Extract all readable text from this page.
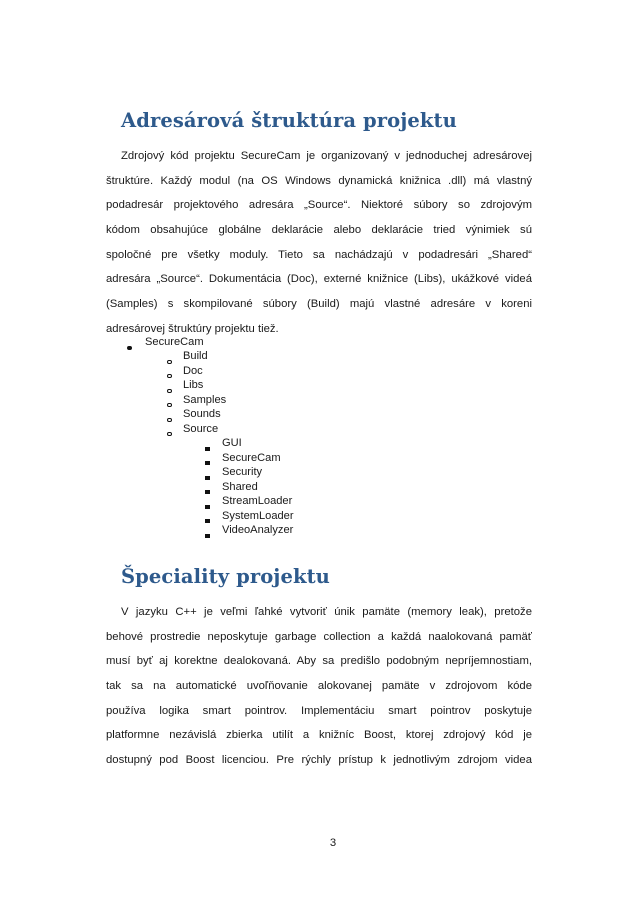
Adresárová štruktúra projektu
Zdrojový kód projektu SecureCam je organizovaný v jednoduchej adresárovej
štruktúre. Každý modul (na OS Windows dynamická knižnica .dll) má vlastný
podadresár projektového adresára „Source“. Niektoré súbory so zdrojovým
kódom obsahujúce globálne deklarácie alebo deklarácie tried výnimiek sú
spoločné pre všetky moduly. Tieto sa nachádzajú v podadresári „Shared“
adresára „Source“. Dokumentácia (Doc), externé knižnice (Libs), ukážkové videá
(Samples) s skompilované súbory (Build) majú vlastné adresáre v koreni
adresárovej štruktúry projektu tiež.
SecureCam
Build
Doc
Libs
Samples
Sounds
Source
GUI
SecureCam
Security
Shared
StreamLoader
SystemLoader
VideoAnalyzer
Špeciality projektu
V jazyku C++ je veľmi ľahké vytvoriť únik pamäte (memory leak), pretože
behové prostredie neposkytuje garbage collection a každá naalokovaná pamäť
musí byť aj korektne dealokovaná. Aby sa predišlo podobným nepríjemnostiam,
tak sa na automatické uvoľňovanie alokovanej pamäte v zdrojovom kóde
používa logika smart pointrov. Implementáciu smart pointrov poskytuje
platformne nezávislá zbierka utilít a knižníc Boost, ktorej zdrojový kód je
dostupný pod Boost licenciou. Pre rýchly prístup k jednotlivým zdrojom videa
3
